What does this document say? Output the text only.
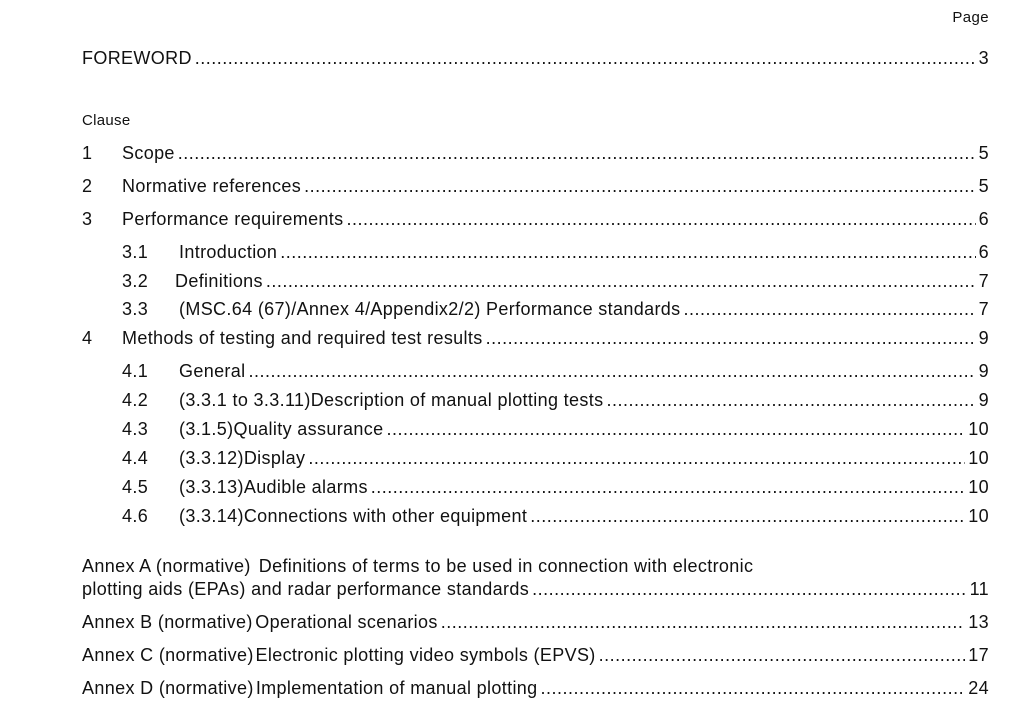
Page
FOREWORD .....	3
Clause
1	Scope .....	5
2	Normative references .....	5
3	Performance requirements .....	6
3.1	Introduction .....	6
3.2	Definitions .....	7
3.3	(MSC.64 (67)/Annex 4/Appendix2/2) Performance standards .....	7
4	Methods of testing and required test results .....	9
4.1	General .....	9
4.2	(3.3.1 to 3.3.11)Description of manual plotting tests .....	9
4.3	(3.1.5)Quality assurance .....	10
4.4	(3.3.12)Display .....	10
4.5	(3.3.13)Audible alarms .....	10
4.6	(3.3.14)Connections with other equipment .....	10
Annex A (normative) Definitions of terms to be used in connection with electronic
plotting aids (EPAs) and radar performance standards .....	11
Annex B (normative) Operational scenarios .....	13
Annex C (normative) Electronic plotting video symbols (EPVS) .....	17
Annex D (normative) Implementation of manual plotting .....	24
